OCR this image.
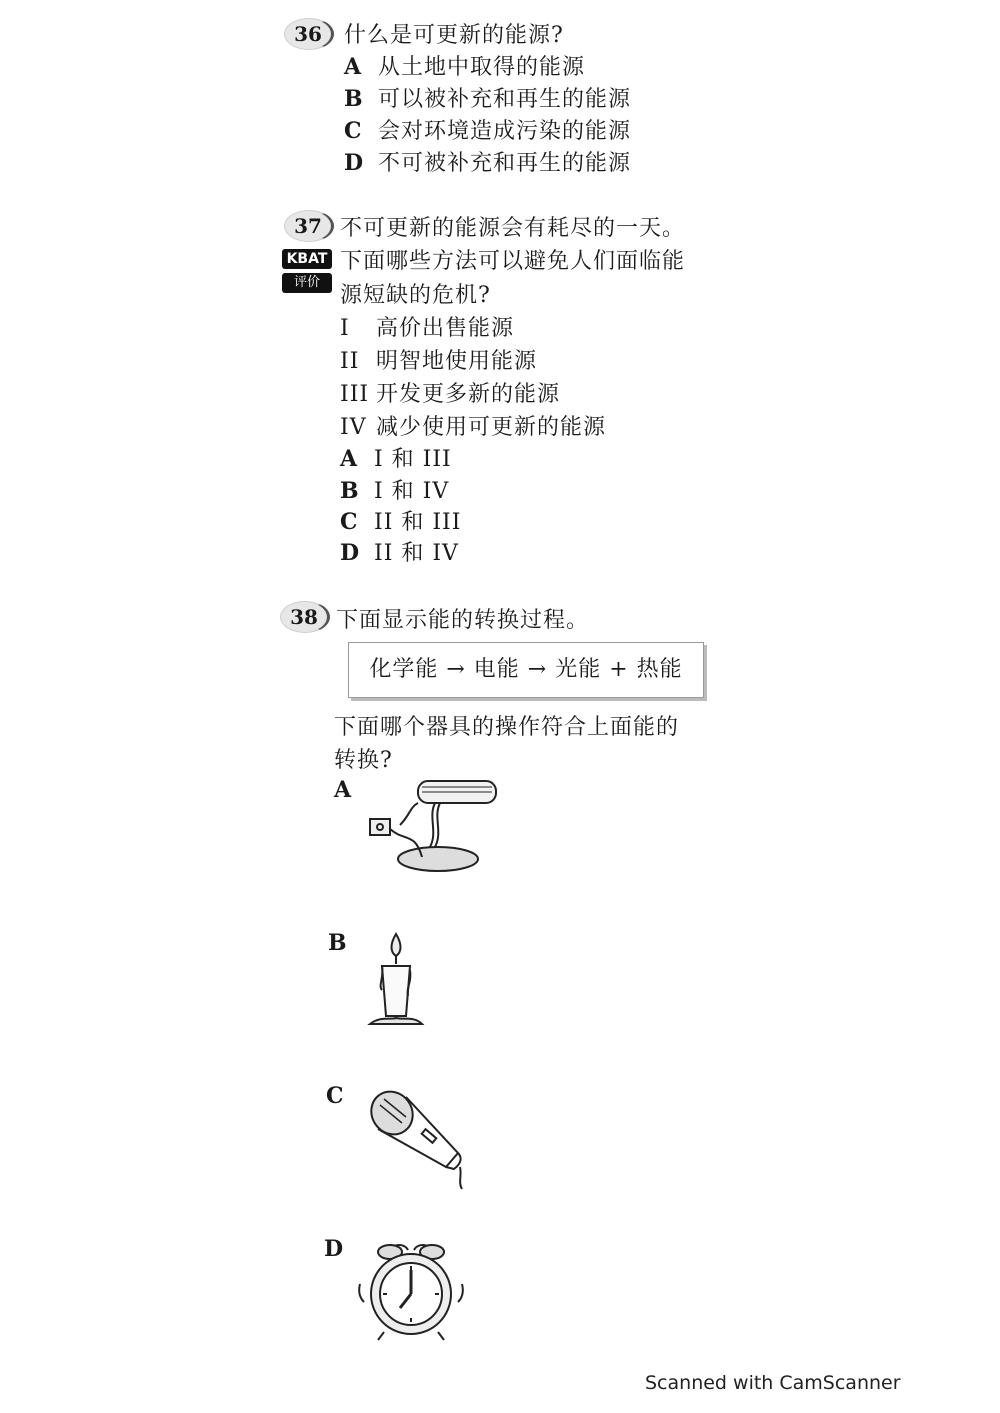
36	什么是可更新的能源?
A 从土地中取得的能源
B 可以被补充和再生的能源
C 会对环境造成污染的能源
D 不可被补充和再生的能源
37 不可更新的能源会有耗尽的一天。
KBAT
评价
下面哪些方法可以避免人们面临能
源短缺的危机?
I 高价出售能源
II 明智地使用能源
III 开发更多新的能源
IV 减少使用可更新的能源
A I 和 III
B I 和 IV
C II 和 III
D II 和 IV
38 下面显示能的转换过程。
化学能 → 电能 → 光能 + 热能
下面哪个器具的操作符合上面能的
转换?
A
B
C
D
Scanned with CamScanner
